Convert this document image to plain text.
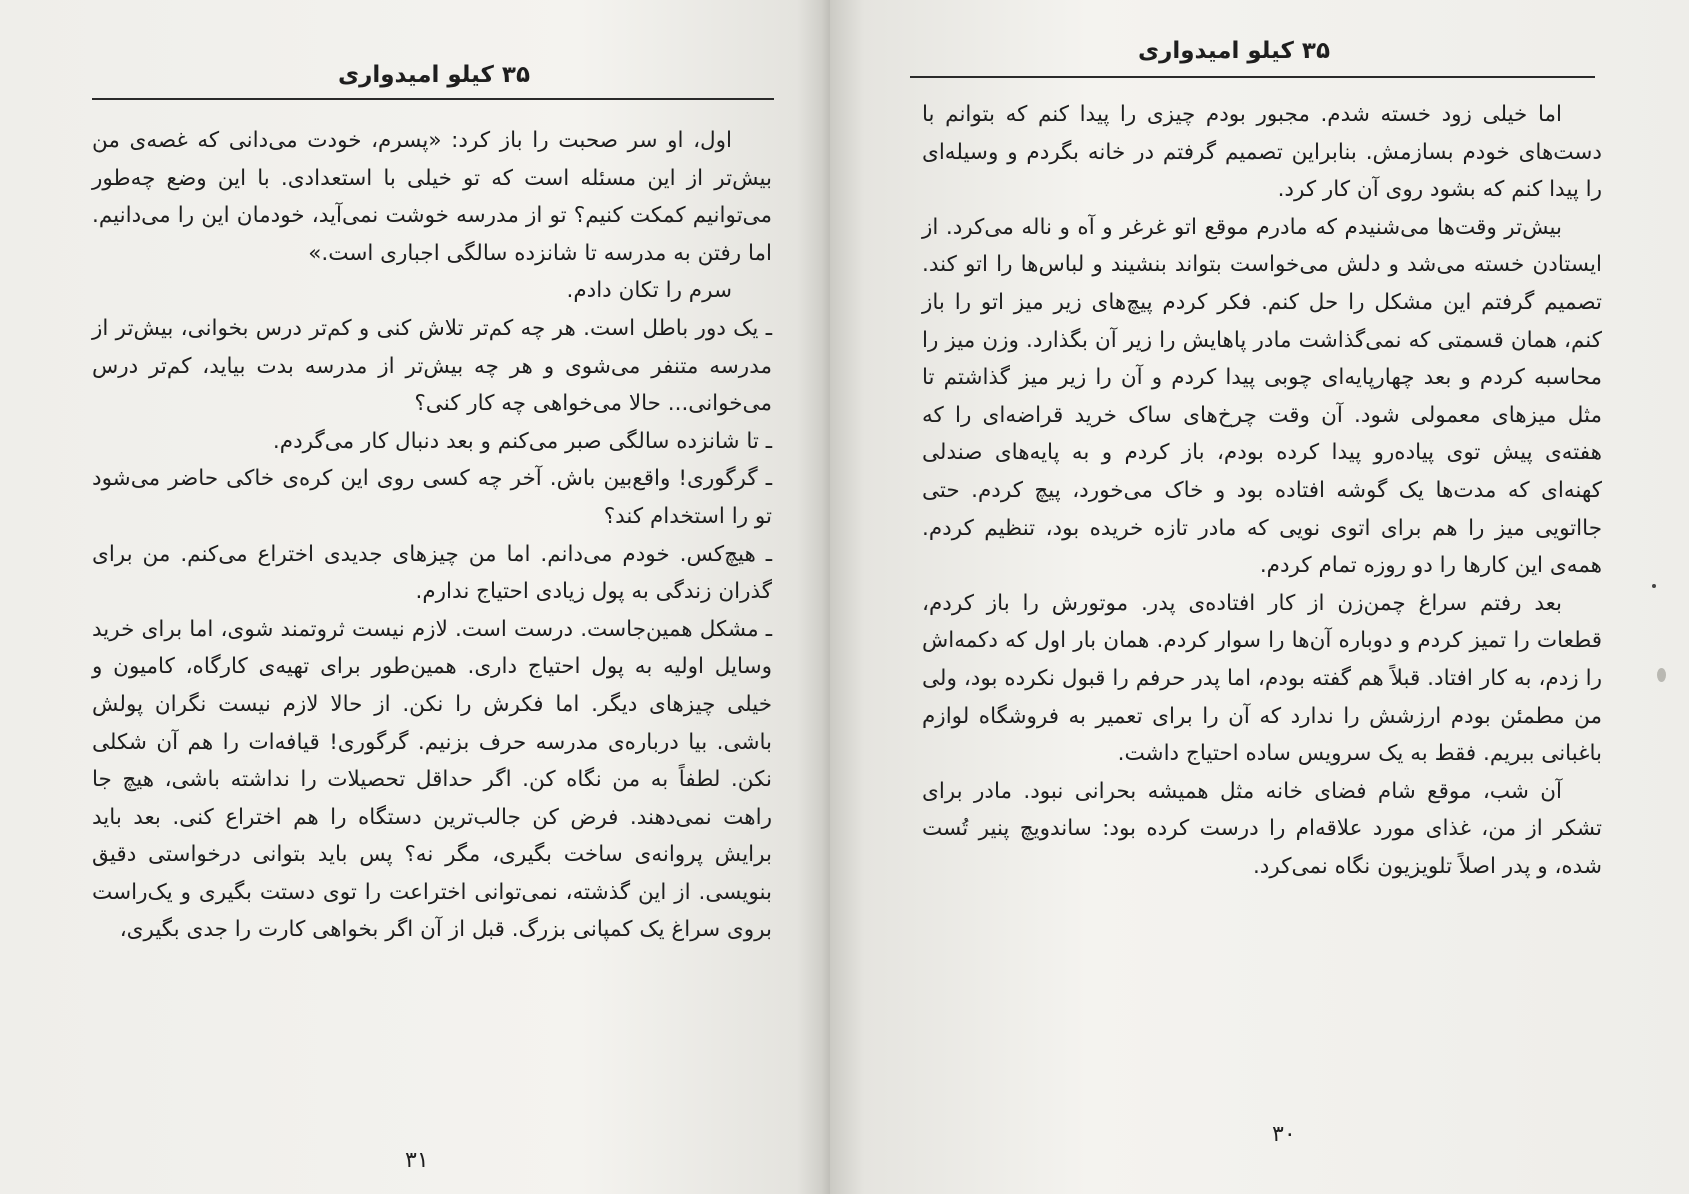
۳۵ کیلو امیدواری

اول، او سر صحبت را باز کرد: «پسرم، خودت می‌دانی که غصه‌ی من بیش‌تر از این مسئله است که تو خیلی با استعدادی. با این وضع چه‌طور می‌توانیم کمکت کنیم؟ تو از مدرسه خوشت نمی‌آید، خودمان این را می‌دانیم. اما رفتن به مدرسه تا شانزده سالگی اجباری است.»

سرم را تکان دادم.

ـ یک دور باطل است. هر چه کم‌تر تلاش کنی و کم‌تر درس بخوانی، بیش‌تر از مدرسه متنفر می‌شوی و هر چه بیش‌تر از مدرسه بدت بیاید، کم‌تر درس می‌خوانی... حالا می‌خواهی چه کار کنی؟

ـ تا شانزده سالگی صبر می‌کنم و بعد دنبال کار می‌گردم.

ـ گرگوری! واقع‌بین باش. آخر چه کسی روی این کره‌ی خاکی حاضر می‌شود تو را استخدام کند؟

ـ هیچ‌کس. خودم می‌دانم. اما من چیزهای جدیدی اختراع می‌کنم. من برای گذران زندگی به پول زیادی احتیاج ندارم.

ـ مشکل همین‌جاست. درست است. لازم نیست ثروتمند شوی، اما برای خرید وسایل اولیه به پول احتیاج داری. همین‌طور برای تهیه‌ی کارگاه، کامیون و خیلی چیزهای دیگر. اما فکرش را نکن. از حالا لازم نیست نگران پولش باشی. بیا درباره‌ی مدرسه حرف بزنیم. گرگوری! قیافه‌ات را هم آن شکلی نکن. لطفاً به من نگاه کن. اگر حداقل تحصیلات را نداشته باشی، هیچ جا راهت نمی‌دهند. فرض کن جالب‌ترین دستگاه را هم اختراع کنی. بعد باید برایش پروانه‌ی ساخت بگیری، مگر نه؟ پس باید بتوانی درخواستی دقیق بنویسی. از این گذشته، نمی‌توانی اختراعت را توی دستت بگیری و یک‌راست بروی سراغ یک کمپانی بزرگ. قبل از آن اگر بخواهی کارت را جدی بگیری،

۳۱
۳۵ کیلو امیدواری

اما خیلی زود خسته شدم. مجبور بودم چیزی را پیدا کنم که بتوانم با دست‌های خودم بسازمش. بنابراین تصمیم گرفتم در خانه بگردم و وسیله‌ای را پیدا کنم که بشود روی آن کار کرد.

بیش‌تر وقت‌ها می‌شنیدم که مادرم موقع اتو غرغر و آه و ناله می‌کرد. از ایستادن خسته می‌شد و دلش می‌خواست بتواند بنشیند و لباس‌ها را اتو کند. تصمیم گرفتم این مشکل را حل کنم. فکر کردم پیچ‌های زیر میز اتو را باز کنم، همان قسمتی که نمی‌گذاشت مادر پاهایش را زیر آن بگذارد. وزن میز را محاسبه کردم و بعد چهارپایه‌ای چوبی پیدا کردم و آن را زیر میز گذاشتم تا مثل میزهای معمولی شود. آن وقت چرخ‌های ساک خرید قراضه‌ای را که هفته‌ی پیش توی پیاده‌رو پیدا کرده بودم، باز کردم و به پایه‌های صندلی کهنه‌ای که مدت‌ها یک گوشه افتاده بود و خاک می‌خورد، پیچ کردم. حتی جااتویی میز را هم برای اتوی نویی که مادر تازه خریده بود، تنظیم کردم. همه‌ی این کارها را دو روزه تمام کردم.

بعد رفتم سراغ چمن‌زن از کار افتاده‌ی پدر. موتورش را باز کردم، قطعات را تمیز کردم و دوباره آن‌ها را سوار کردم. همان بار اول که دکمه‌اش را زدم، به کار افتاد. قبلاً هم گفته بودم، اما پدر حرفم را قبول نکرده بود، ولی من مطمئن بودم ارزشش را ندارد که آن را برای تعمیر به فروشگاه لوازم باغبانی ببریم. فقط به یک سرویس ساده احتیاج داشت.

آن شب، موقع شام فضای خانه مثل همیشه بحرانی نبود. مادر برای تشکر از من، غذای مورد علاقه‌ام را درست کرده بود: ساندویچ پنیر تُست شده، و پدر اصلاً تلویزیون نگاه نمی‌کرد.

۳۰
